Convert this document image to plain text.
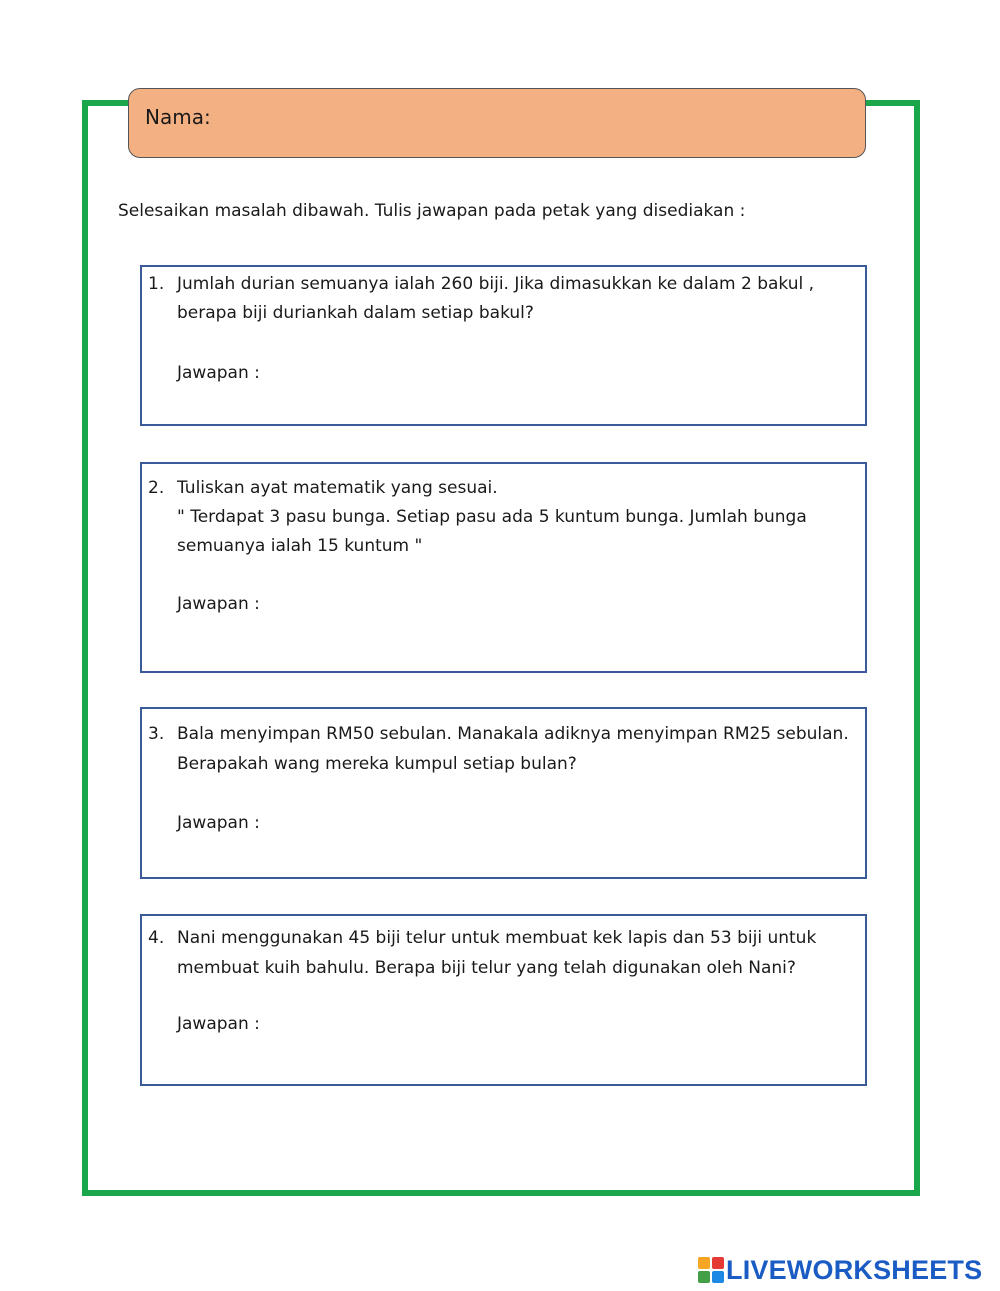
Nama:
Selesaikan masalah dibawah. Tulis jawapan pada petak yang disediakan :
1. Jumlah durian semuanya ialah 260 biji. Jika dimasukkan ke dalam 2 bakul ,
berapa biji duriankah dalam setiap bakul?
Jawapan :
2. Tuliskan ayat matematik yang sesuai.
" Terdapat 3 pasu bunga. Setiap pasu ada 5 kuntum bunga. Jumlah bunga
semuanya ialah 15 kuntum "
Jawapan :
3. Bala menyimpan RM50 sebulan. Manakala adiknya menyimpan RM25 sebulan.
Berapakah wang mereka kumpul setiap bulan?
Jawapan :
4. Nani menggunakan 45 biji telur untuk membuat kek lapis dan 53 biji untuk
membuat kuih bahulu. Berapa biji telur yang telah digunakan oleh Nani?
Jawapan :
LIVEWORKSHEETS
